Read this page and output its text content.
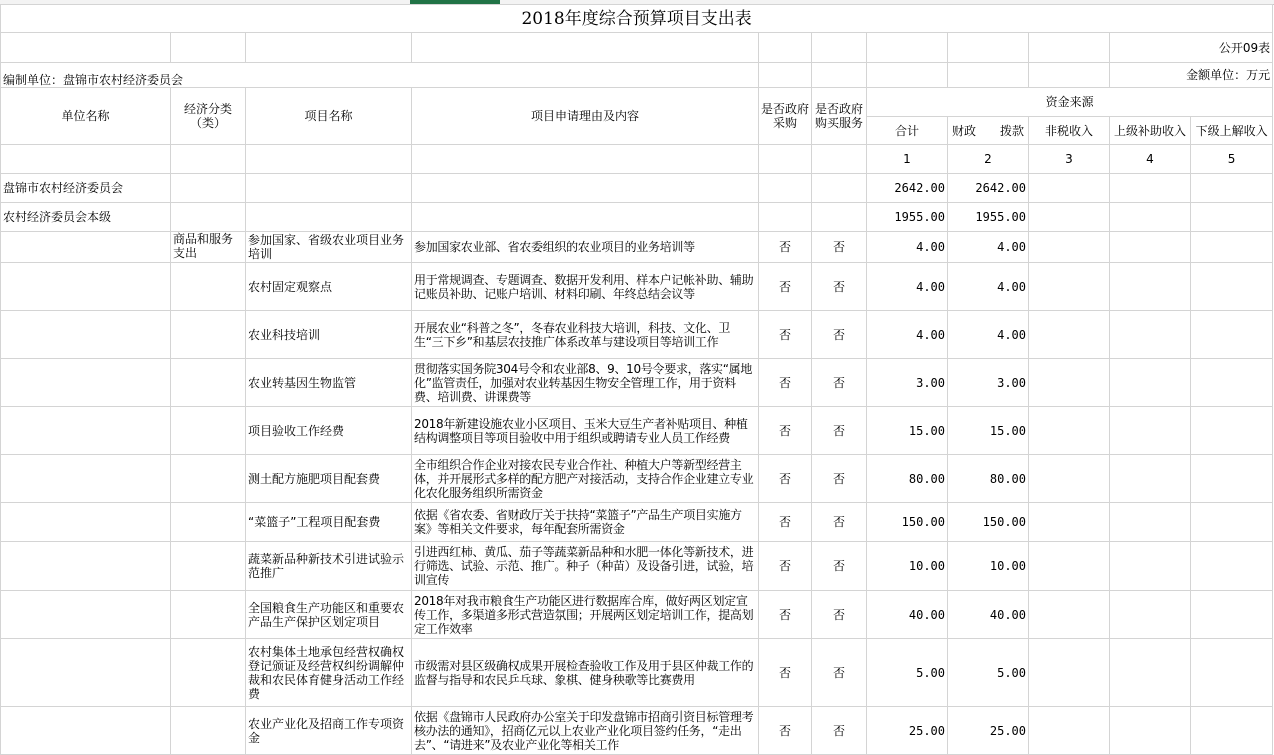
2018年度综合预算项目支出表										
									公开09表	
编制单位：盘锦市农村经济委员会									金额单位：万元	
单位名称	经济分类（类）	项目名称	项目申请理由及内容	是否政府采购	是否政府购买服务	资金来源				
						合计	财政　　拨款	非税收入	上级补助收入	下级上解收入
						1	2	3	4	5
盘锦市农村经济委员会						2642.00	2642.00			
农村经济委员会本级						1955.00	1955.00			
	商品和服务支出	参加国家、省级农业项目业务培训	参加国家农业部、省农委组织的农业项目的业务培训等	否	否	4.00	4.00			
		农村固定观察点	用于常规调查、专题调查、数据开发利用、样本户记帐补助、辅助记账员补助、记账户培训、材料印刷、年终总结会议等	否	否	4.00	4.00			
		农业科技培训	开展农业“科普之冬”，冬春农业科技大培训，科技、文化、卫生“三下乡”和基层农技推广体系改革与建设项目等培训工作	否	否	4.00	4.00			
		农业转基因生物监管	贯彻落实国务院304号令和农业部8、9、10号令要求，落实“属地化”监管责任，加强对农业转基因生物安全管理工作，用于资料费、培训费、讲课费等	否	否	3.00	3.00			
		项目验收工作经费	2018年新建设施农业小区项目、玉米大豆生产者补贴项目、种植结构调整项目等项目验收中用于组织或聘请专业人员工作经费	否	否	15.00	15.00			
		测土配方施肥项目配套费	全市组织合作企业对接农民专业合作社、种植大户等新型经营主体，并开展形式多样的配方肥产对接活动，支持合作企业建立专业化农化服务组织所需资金	否	否	80.00	80.00			
		“菜篮子”工程项目配套费	依据《省农委、省财政厅关于扶持“菜篮子”产品生产项目实施方案》等相关文件要求，每年配套所需资金	否	否	150.00	150.00			
		蔬菜新品种新技术引进试验示范推广	引进西红柿、黄瓜、茄子等蔬菜新品种和水肥一体化等新技术，进行筛选、试验、示范、推广。种子（种苗）及设备引进，试验，培训宣传	否	否	10.00	10.00			
		全国粮食生产功能区和重要农产品生产保护区划定项目	2018年对我市粮食生产功能区进行数据库合库，做好两区划定宣传工作，多渠道多形式营造氛围；开展两区划定培训工作，提高划定工作效率	否	否	40.00	40.00			
		农村集体土地承包经营权确权登记颁证及经营权纠纷调解仲裁和农民体育健身活动工作经费	市级需对县区级确权成果开展检查验收工作及用于县区仲裁工作的监督与指导和农民乒乓球、象棋、健身秧歌等比赛费用	否	否	5.00	5.00			
		农业产业化及招商工作专项资金	依据《盘锦市人民政府办公室关于印发盘锦市招商引资目标管理考核办法的通知》，招商亿元以上农业产业化项目签约任务，“走出去”、“请进来”及农业产业化等相关工作	否	否	25.00	25.00			
